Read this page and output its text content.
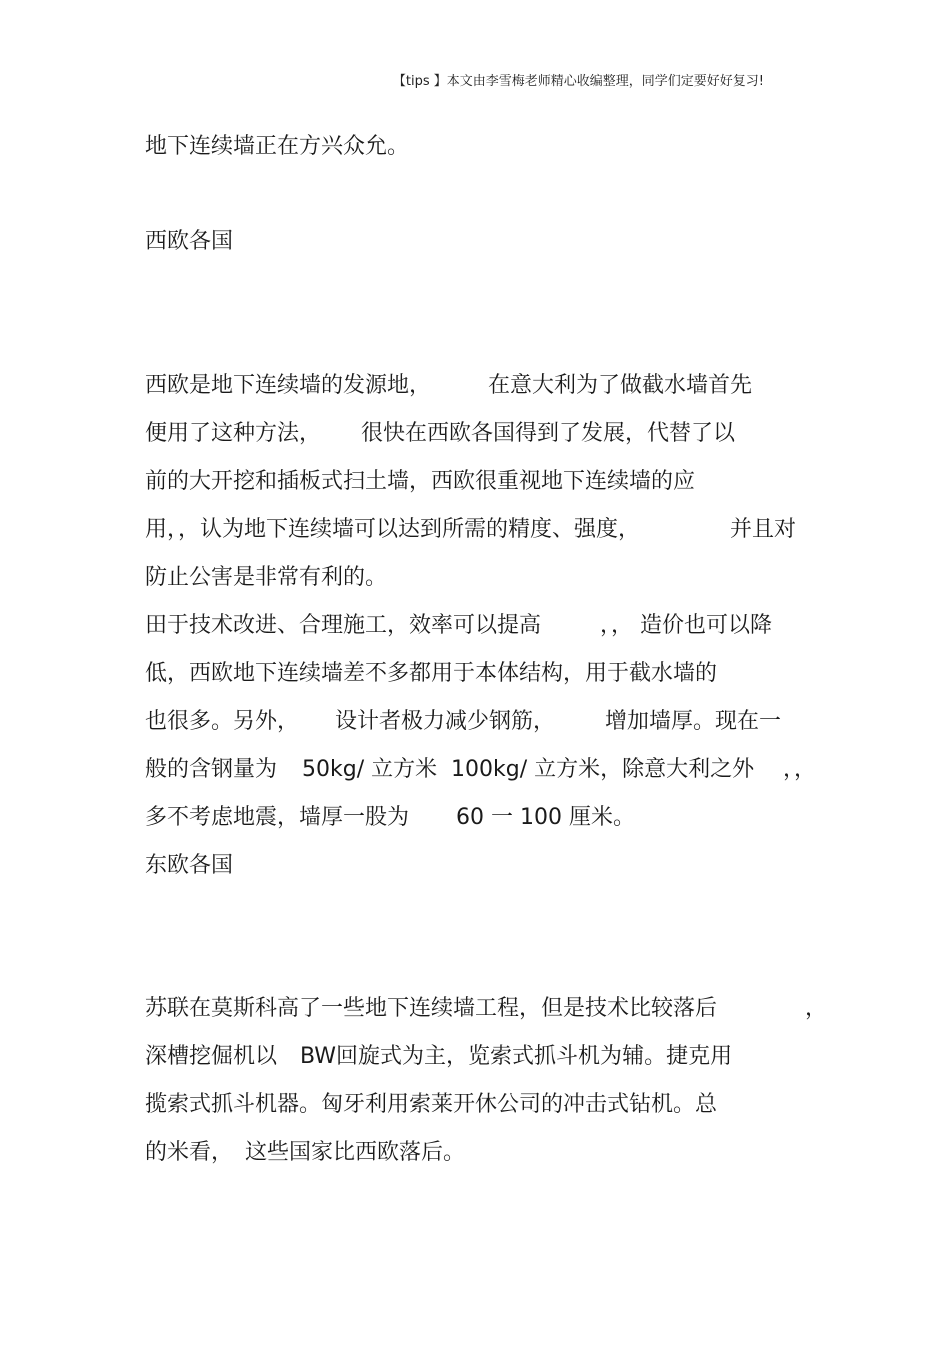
【tips 】本文由李雪梅老师精心收编整理，同学们定要好好复习!
地下连续墙正在方兴众允。
西欧各国
西欧是地下连续墙的发源地，	在意大利为了做截水墙首先
便用了这种方法， 很快在西欧各国得到了发展，代替了以
前的大开挖和插板式扫土墙，西欧很重视地下连续墙的应
用，，认为地下连续墙可以达到所需的精度、强度，	并且对
防止公害是非常有利的。
田于技术改进、合理施工，效率可以提高	，， 造价也可以降
低，西欧地下连续墙差不多都用于本体结构，用于截水墙的
也很多。另外， 设计者极力减少钢筋， 增加墙厚。现在一
般的含钢量为 50kg/ 立方米 100kg/ 立方米，除意大利之外 ，，
多不考虑地震，墙厚一股为 60 一 100 厘米。
东欧各国
苏联在莫斯科高了一些地下连续墙工程，但是技术比较落后	，
深槽挖倔机以 BW回旋式为主，览索式抓斗机为辅。捷克用
揽索式抓斗机器。匈牙利用索莱开休公司的冲击式钻机。总
的米看， 这些国家比西欧落后。
